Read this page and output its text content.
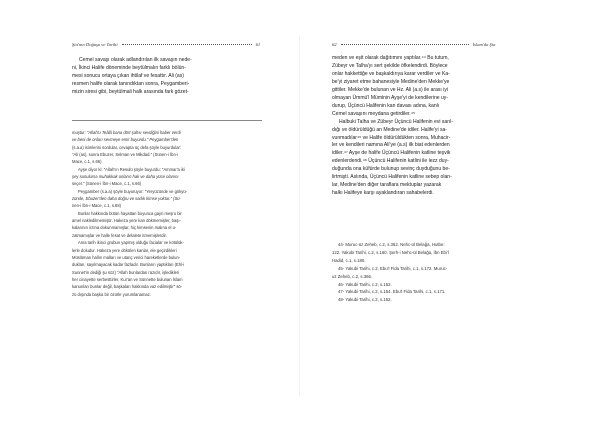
Şia'nın Doğuşu ve Tarihi	61
Cemel savaşı olarak adlandırılan ilk savaşın nede-
ni, İkinci Halife döneminde beytülmalın farklı bölün-
mesi sonucu ortaya çıkan ihtilaf ve fesattır. Ali (as)
resmen halife olarak tanındıktan sonra, Peygamberi-
mizin siresi gibi, beytülmali halk arasında fark gözet-
muştur: "Allah'u Teâlâ bana dört şahsı sevdiğini haber verdi
ve beni de onları sevmeye emir buyurdu." Peygamber'den
(s.a.a) isimlerini sordular, cevapta üç defa şöyle buyurdular:
"Ali (as), sonra Ebuzer, Selman ve Mikdad." (Sünen-i İbn-i
Mace, c.1, s.66)
Ayşe diyor ki: "Allah'ın Resulü şöyle buyurdu: "Ammar'a iki
şey sunulursa muhakkak onların hak ve daha yüce olanını
seçer." (Sünen-i İbn-i Mace, c.1, s.66)
Peygamber (s.a.a) şöyle buyuruyor: "Yeryüzünde ve gökyü-
zünde, Ebuzer'den daha doğru ve sadık kimse yoktur." (Sü-
nen-i İbn-i Mace, c.1, s.68)
Bunlar hakkında bütün hayattan boyunca gayri meşru bir
amel nakledilmemiştir. Hakeza yere kan dökmemişler, başı-
kalarının irzına dokunmamışlar, hiç kimsenin malına el u-
zatmamışlar ve halle fesat ve delalete itmemişlerdir.
Ama tarih ikinci grubun yapmış olduğu facialar ve kötülük-
lerle doludur. Hakeza yere dökülen kanlar, ele geçirdikleri
Müslüman hallın malları ve utanç verici hareketlerde bulun-
dukları, sayılmayacak kadar fazladır. Bunların yaptıkları (Ehl-i
Sunnet'in dediği şu söz) "Allah bunlardan razıdır, işledikleri
her cinayette serbesttirler, Kur'an ve Sünnette bulunan İslam
kanunları bunlar değil, başkaları hakkında vaz edilmiştir" sö-
zü dışında başka bir özürle yorumlanamaz.
62	İslam'da Şia
meden ve eşit olarak dağıtımını yaptılar.⁴⁴ Bu tutum,
Zübeyr ve Talha'yı sert şekilde öfkelendirdi. Böylece
onlar hakkettiğe ve başkaldırıya karar verdiler ve Ka-
be'yi ziyaret etme bahanesiyle Medine'den Mekke'ye
gittiler. Mekke'de bulunan ve Hz. Ali (a.s) ile arası iyi
olmayan Ümmü'l Müminin Ayşe'yi de kendilerine uy-
durup, Üçüncü Halifenin kan davası adına, kanlı
Cemel savaşını meydana getirdiler.⁴⁵
Halbuki Talha ve Zübeyr Üçüncü Halifenin evi sarıl-
dığı ve öldürüldüğü an Medine'de idiler. Halife'yi sa-
vunmadılar⁴⁶ ve Halife öldürüldükten sonra, Muhacir-
ler ve kendileri namına Ali'ye (a.s) ilk biat edenlerden
idiler.⁴⁷ Ayşe de halife Üçüncü Halifenin katline teşvik
edenlerdendi.⁴⁸ Üçüncü Halifenin katlini ile lezz duy-
duğunda ona küfürde bulunup sevinç duyduğunu be-
lirtmişti. Aslında, Üçüncü Halifenin katline sebep olan-
lar, Medine'den diğer taraflara mektuplar yazarak
halkı Halifeye karşı ayaklandıran sahabelerdi.
44- Muruc-üz Zeheb, c.2, s.362. Nehc-ül Belağa, Hutbe:
122. Yakubi Tarihi, c.2, s.160. Şerh-i Nehc-ül Belağa, İbn Ebi'l
Hadid, c.1, s.180.
45- Yakubi Tarihi, c.2. Ebu'l Fida Tarihi, c.1, s.172. Muruc-
uz Zeheb, c.2, s.366.
46- Yakubi Tarihi, c.2, s.152.
47- Yakubi Tarihi, c.2, s.154. Ebu'l Fida Tarihi, c.1, s.171.
48- Yakubi Tarihi, c.2, s.152.
